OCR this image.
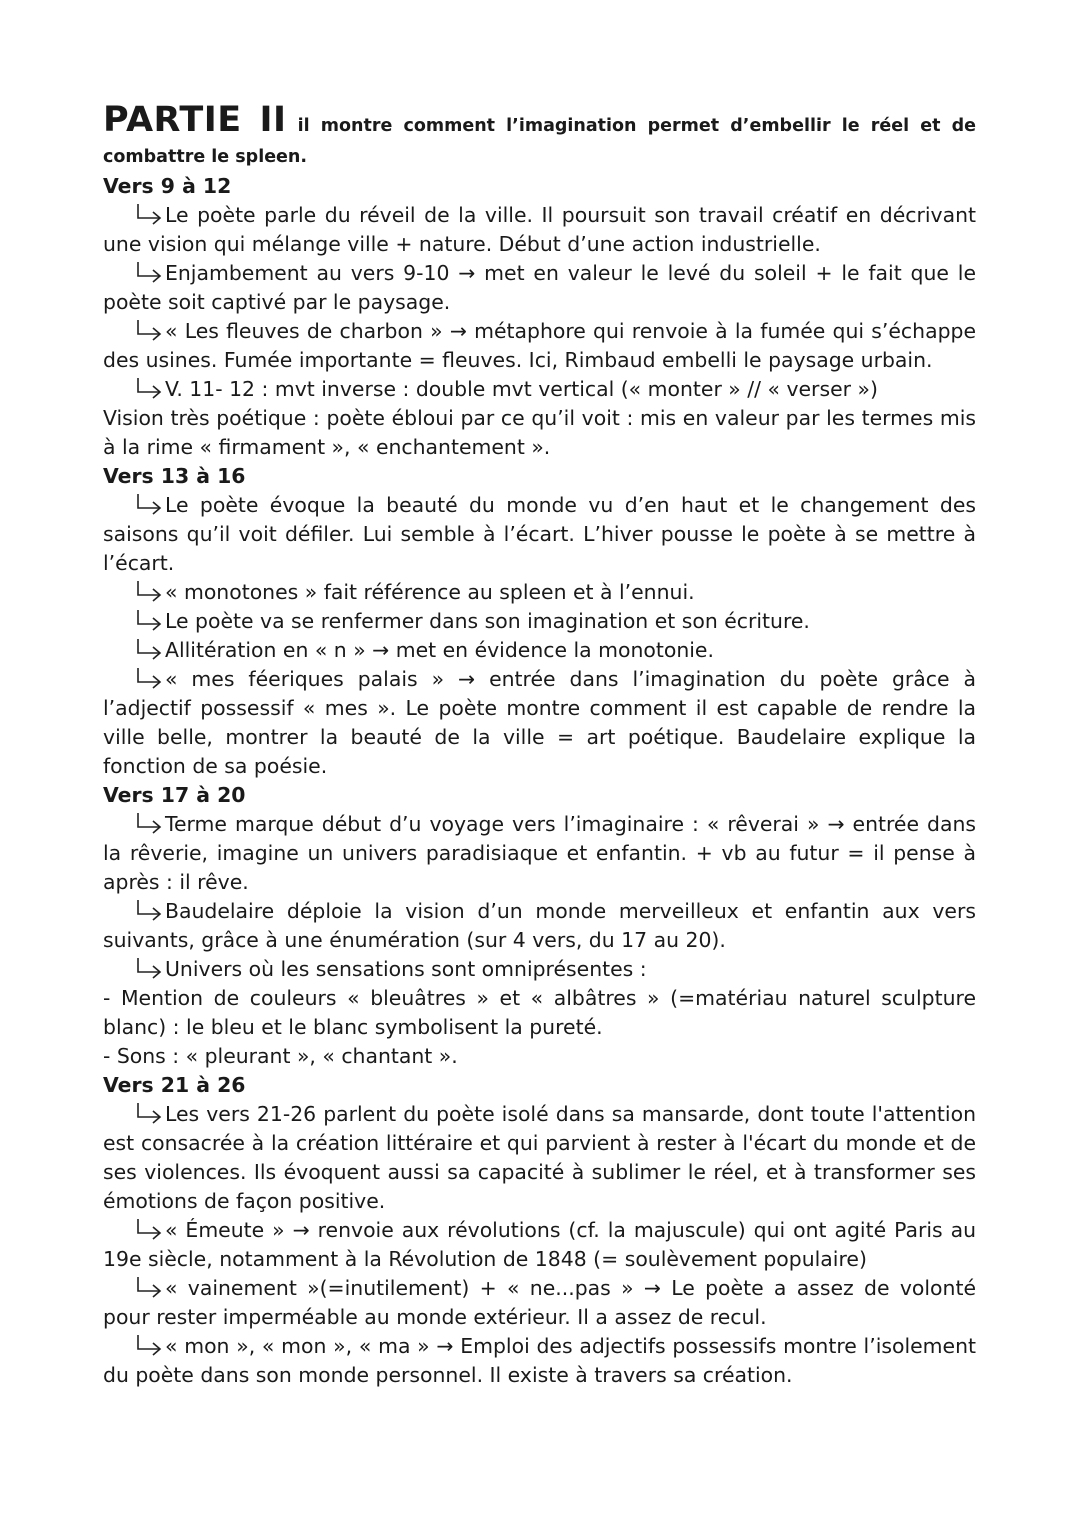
PARTIE II il montre comment l’imagination permet d’embellir le réel et de combattre le spleen.

Vers 9 à 12

Le poète parle du réveil de la ville. Il poursuit son travail créatif en décrivant une vision qui mélange ville + nature. Début d’une action industrielle.

Enjambement au vers 9-10 → met en valeur le levé du soleil + le fait que le poète soit captivé par le paysage.

« Les fleuves de charbon » → métaphore qui renvoie à la fumée qui s’échappe des usines. Fumée importante = fleuves. Ici, Rimbaud embelli le paysage urbain.

V. 11- 12 : mvt inverse : double mvt vertical (« monter » // « verser »)

Vision très poétique : poète ébloui par ce qu’il voit : mis en valeur par les termes mis à la rime « firmament », « enchantement ».

Vers 13 à 16

Le poète évoque la beauté du monde vu d’en haut et le changement des saisons qu’il voit défiler. Lui semble à l’écart. L’hiver pousse le poète à se mettre à l’écart.

« monotones » fait référence au spleen et à l’ennui.

Le poète va se renfermer dans son imagination et son écriture.

Allitération en « n » → met en évidence la monotonie.

« mes féeriques palais » → entrée dans l’imagination du poète grâce à l’adjectif possessif « mes ». Le poète montre comment il est capable de rendre la ville belle, montrer la beauté de la ville = art poétique. Baudelaire explique la fonction de sa poésie.

Vers 17 à 20

Terme marque début d’u voyage vers l’imaginaire : « rêverai » → entrée dans la rêverie, imagine un univers paradisiaque et enfantin. + vb au futur = il pense à après : il rêve.

Baudelaire déploie la vision d’un monde merveilleux et enfantin aux vers suivants, grâce à une énumération (sur 4 vers, du 17 au 20).

Univers où les sensations sont omniprésentes :

- Mention de couleurs « bleuâtres » et « albâtres » (=matériau naturel sculpture blanc) : le bleu et le blanc symbolisent la pureté.

- Sons : « pleurant », « chantant ».

Vers 21 à 26

Les vers 21-26 parlent du poète isolé dans sa mansarde, dont toute l'attention est consacrée à la création littéraire et qui parvient à rester à l'écart du monde et de ses violences. Ils évoquent aussi sa capacité à sublimer le réel, et à transformer ses émotions de façon positive.

« Émeute » → renvoie aux révolutions (cf. la majuscule) qui ont agité Paris au 19e siècle, notamment à la Révolution de 1848 (= soulèvement populaire)

« vainement »(=inutilement) + « ne...pas » → Le poète a assez de volonté pour rester imperméable au monde extérieur. Il a assez de recul.

« mon », « mon », « ma » → Emploi des adjectifs possessifs montre l’isolement du poète dans son monde personnel. Il existe à travers sa création.
